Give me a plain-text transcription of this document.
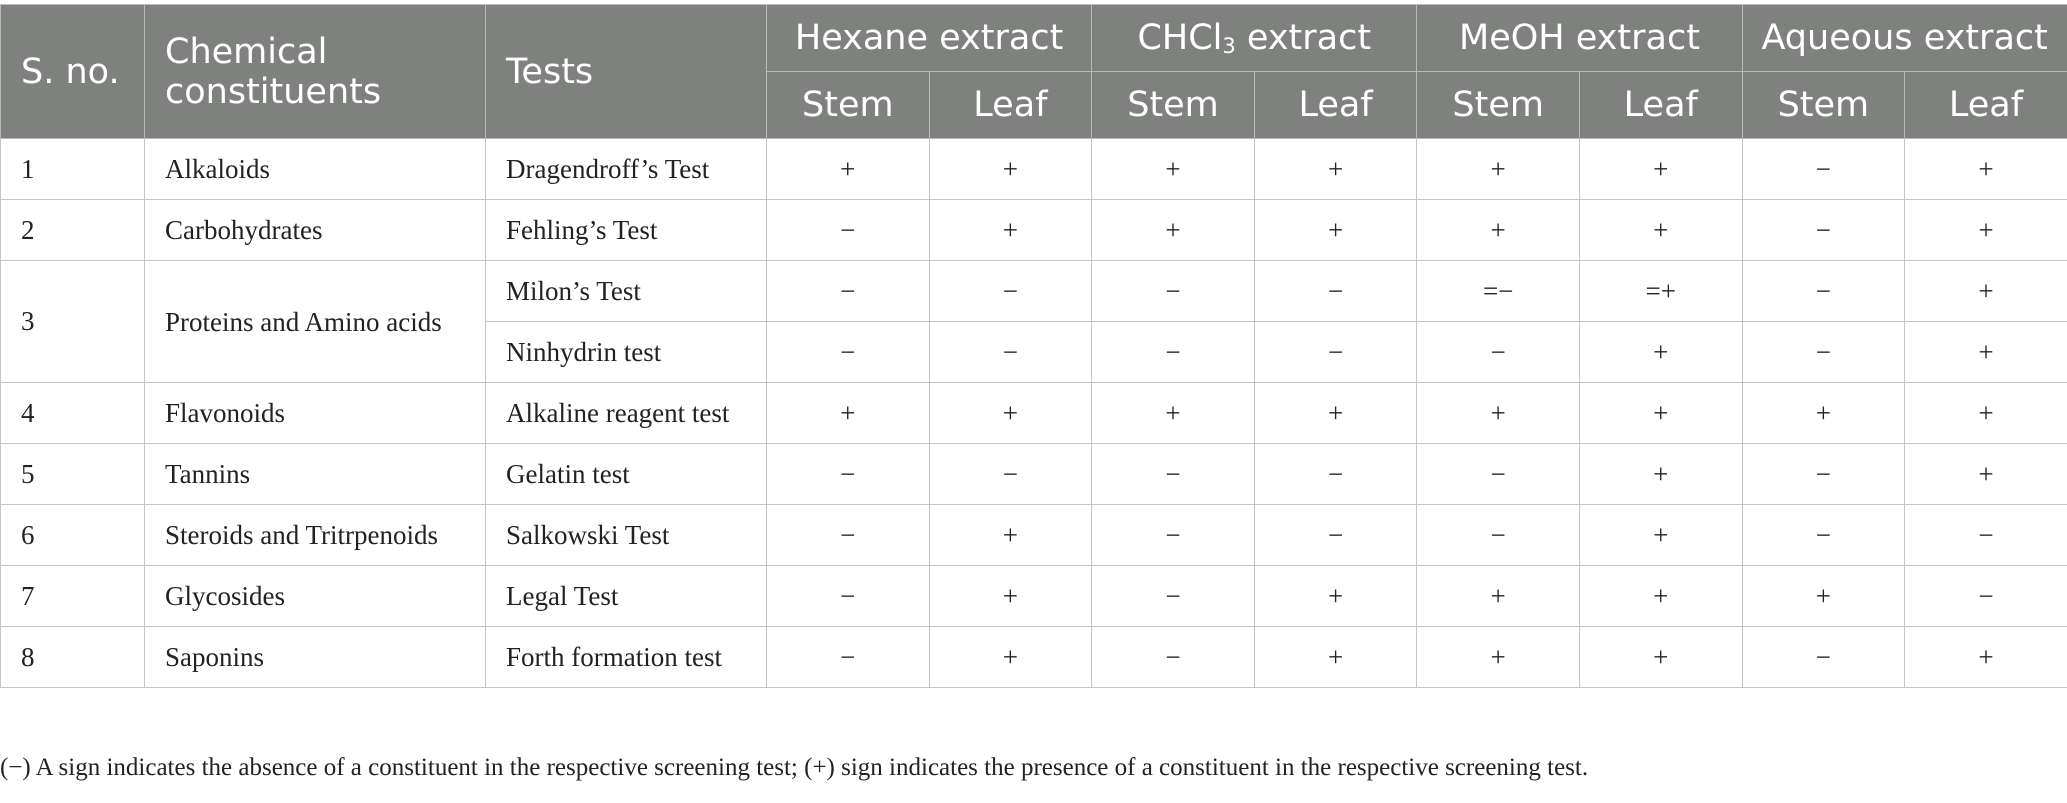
S. no.	Chemical constituents	Tests	Hexane extract		CHCl$_3$ extract		MeOH extract		Aqueous extract	
			Stem	Leaf	Stem	Leaf	Stem	Leaf	Stem	Leaf
1	Alkaloids	Dragendroff’s Test	+	+	+	+	+	+	−	+
2	Carbohydrates	Fehling’s Test	−	+	+	+	+	+	−	+
3	Proteins and Amino acids	Milon’s Test	−	−	−	−	=−	=+	−	+
		Ninhydrin test	−	−	−	−	−	+	−	+
4	Flavonoids	Alkaline reagent test	+	+	+	+	+	+	+	+
5	Tannins	Gelatin test	−	−	−	−	−	+	−	+
6	Steroids and Tritrpenoids	Salkowski Test	−	+	−	−	−	+	−	−
7	Glycosides	Legal Test	−	+	−	+	+	+	+	−
8	Saponins	Forth formation test	−	+	−	+	+	+	−	+
(−) A sign indicates the absence of a constituent in the respective screening test; (+) sign indicates the presence of a constituent in the respective screening test.
